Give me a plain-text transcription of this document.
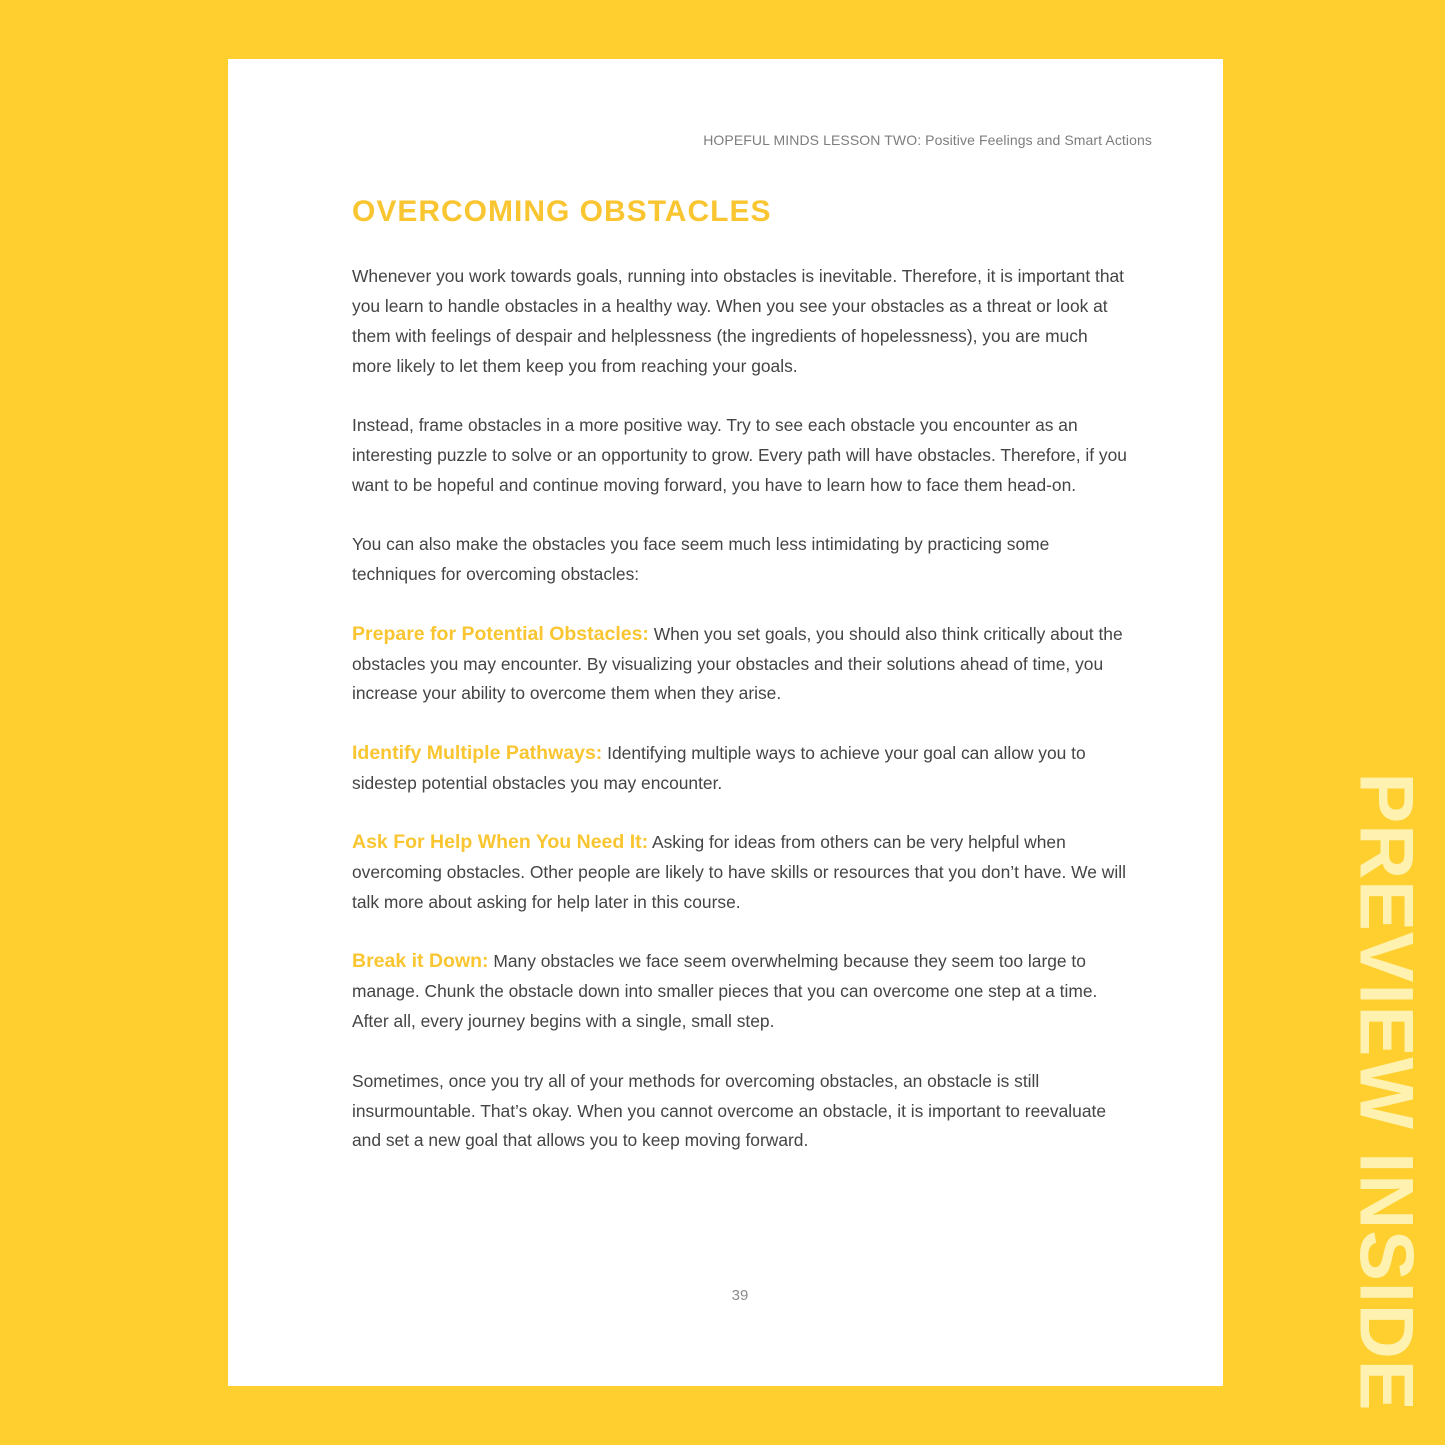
HOPEFUL MINDS LESSON TWO: Positive Feelings and Smart Actions
OVERCOMING OBSTACLES

Whenever you work towards goals, running into obstacles is inevitable. Therefore, it is important that you learn to handle obstacles in a healthy way. When you see your obstacles as a threat or look at them with feelings of despair and helplessness (the ingredients of hopelessness), you are much more likely to let them keep you from reaching your goals.

Instead, frame obstacles in a more positive way. Try to see each obstacle you encounter as an interesting puzzle to solve or an opportunity to grow. Every path will have obstacles. Therefore, if you want to be hopeful and continue moving forward, you have to learn how to face them head-on.

You can also make the obstacles you face seem much less intimidating by practicing some techniques for overcoming obstacles:

Prepare for Potential Obstacles: When you set goals, you should also think critically about the obstacles you may encounter. By visualizing your obstacles and their solutions ahead of time, you increase your ability to overcome them when they arise.

Identify Multiple Pathways: Identifying multiple ways to achieve your goal can allow you to sidestep potential obstacles you may encounter.

Ask For Help When You Need It: Asking for ideas from others can be very helpful when overcoming obstacles. Other people are likely to have skills or resources that you don’t have. We will talk more about asking for help later in this course.

Break it Down: Many obstacles we face seem overwhelming because they seem too large to manage. Chunk the obstacle down into smaller pieces that you can overcome one step at a time. After all, every journey begins with a single, small step.

Sometimes, once you try all of your methods for overcoming obstacles, an obstacle is still insurmountable. That’s okay. When you cannot overcome an obstacle, it is important to reevaluate and set a new goal that allows you to keep moving forward.

39	PREVIEW INSIDE
